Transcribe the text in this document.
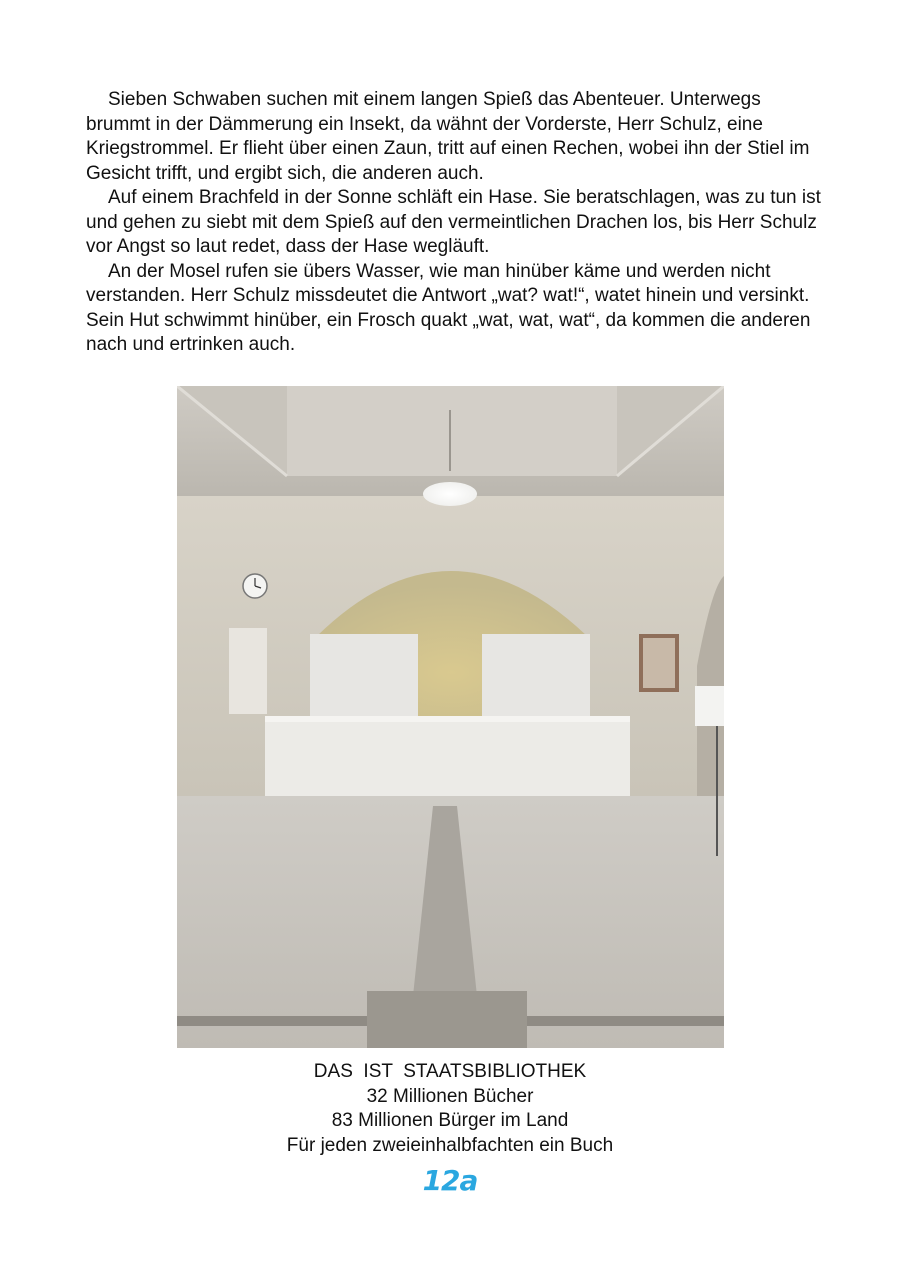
Sieben Schwaben suchen mit einem langen Spieß das Abenteuer. Unterwegs brummt in der Dämmerung ein Insekt, da wähnt der Vorderste, Herr Schulz, eine Kriegstrommel. Er flieht über einen Zaun, tritt auf einen Rechen, wobei ihn der Stiel im Gesicht trifft, und ergibt sich, die anderen auch.

Auf einem Brachfeld in der Sonne schläft ein Hase. Sie beratschlagen, was zu tun ist und gehen zu siebt mit dem Spieß auf den vermeintlichen Drachen los, bis Herr Schulz vor Angst so laut redet, dass der Hase wegläuft.

An der Mosel rufen sie übers Wasser, wie man hinüber käme und werden nicht verstanden. Herr Schulz missdeutet die Antwort „wat? wat!“, watet hinein und versinkt. Sein Hut schwimmt hinüber, ein Frosch quakt „wat, wat, wat“, da kommen die anderen nach und ertrinken auch.

DAS  IST  STAATSBIBLIOTHEK
32 Millionen Bücher
83 Millionen Bürger im Land
Für jeden zweieinhalbfachten ein Buch
12a
